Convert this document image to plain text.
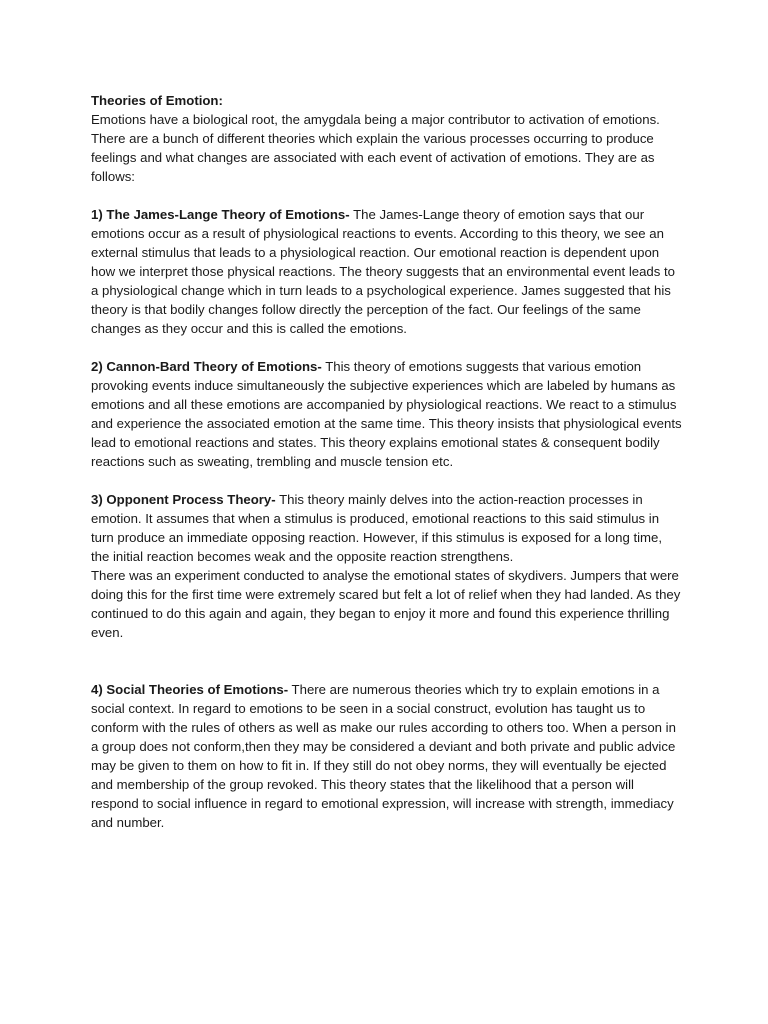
Theories of Emotion:

Emotions have a biological root, the amygdala being a major contributor to activation of emotions. There are a bunch of different theories which explain the various processes occurring to produce feelings and what changes are associated with each event of activation of emotions. They are as follows:

1) The James-Lange Theory of Emotions- The James-Lange theory of emotion says that our emotions occur as a result of physiological reactions to events. According to this theory, we see an external stimulus that leads to a physiological reaction. Our emotional reaction is dependent upon how we interpret those physical reactions. The theory suggests that an environmental event leads to a physiological change which in turn leads to a psychological experience. James suggested that his theory is that bodily changes follow directly the perception of the fact. Our feelings of the same changes as they occur and this is called the emotions.

2) Cannon-Bard Theory of Emotions- This theory of emotions suggests that various emotion provoking events induce simultaneously the subjective experiences which are labeled by humans as emotions and all these emotions are accompanied by physiological reactions. We react to a stimulus and experience the associated emotion at the same time. This theory insists that physiological events lead to emotional reactions and states. This theory explains emotional states & consequent bodily reactions such as sweating, trembling and muscle tension etc.

3) Opponent Process Theory- This theory mainly delves into the action-reaction processes in emotion. It assumes that when a stimulus is produced, emotional reactions to this said stimulus in turn produce an immediate opposing reaction. However, if this stimulus is exposed for a long time, the initial reaction becomes weak and the opposite reaction strengthens.

There was an experiment conducted to analyse the emotional states of skydivers. Jumpers that were doing this for the first time were extremely scared but felt a lot of relief when they had landed. As they continued to do this again and again, they began to enjoy it more and found this experience thrilling even.

4) Social Theories of Emotions- There are numerous theories which try to explain emotions in a social context. In regard to emotions to be seen in a social construct, evolution has taught us to conform with the rules of others as well as make our rules according to others too. When a person in a group does not conform,then they may be considered a deviant and both private and public advice may be given to them on how to fit in. If they still do not obey norms, they will eventually be ejected and membership of the group revoked. This theory states that the likelihood that a person will respond to social influence in regard to emotional expression, will increase with strength, immediacy and number.
